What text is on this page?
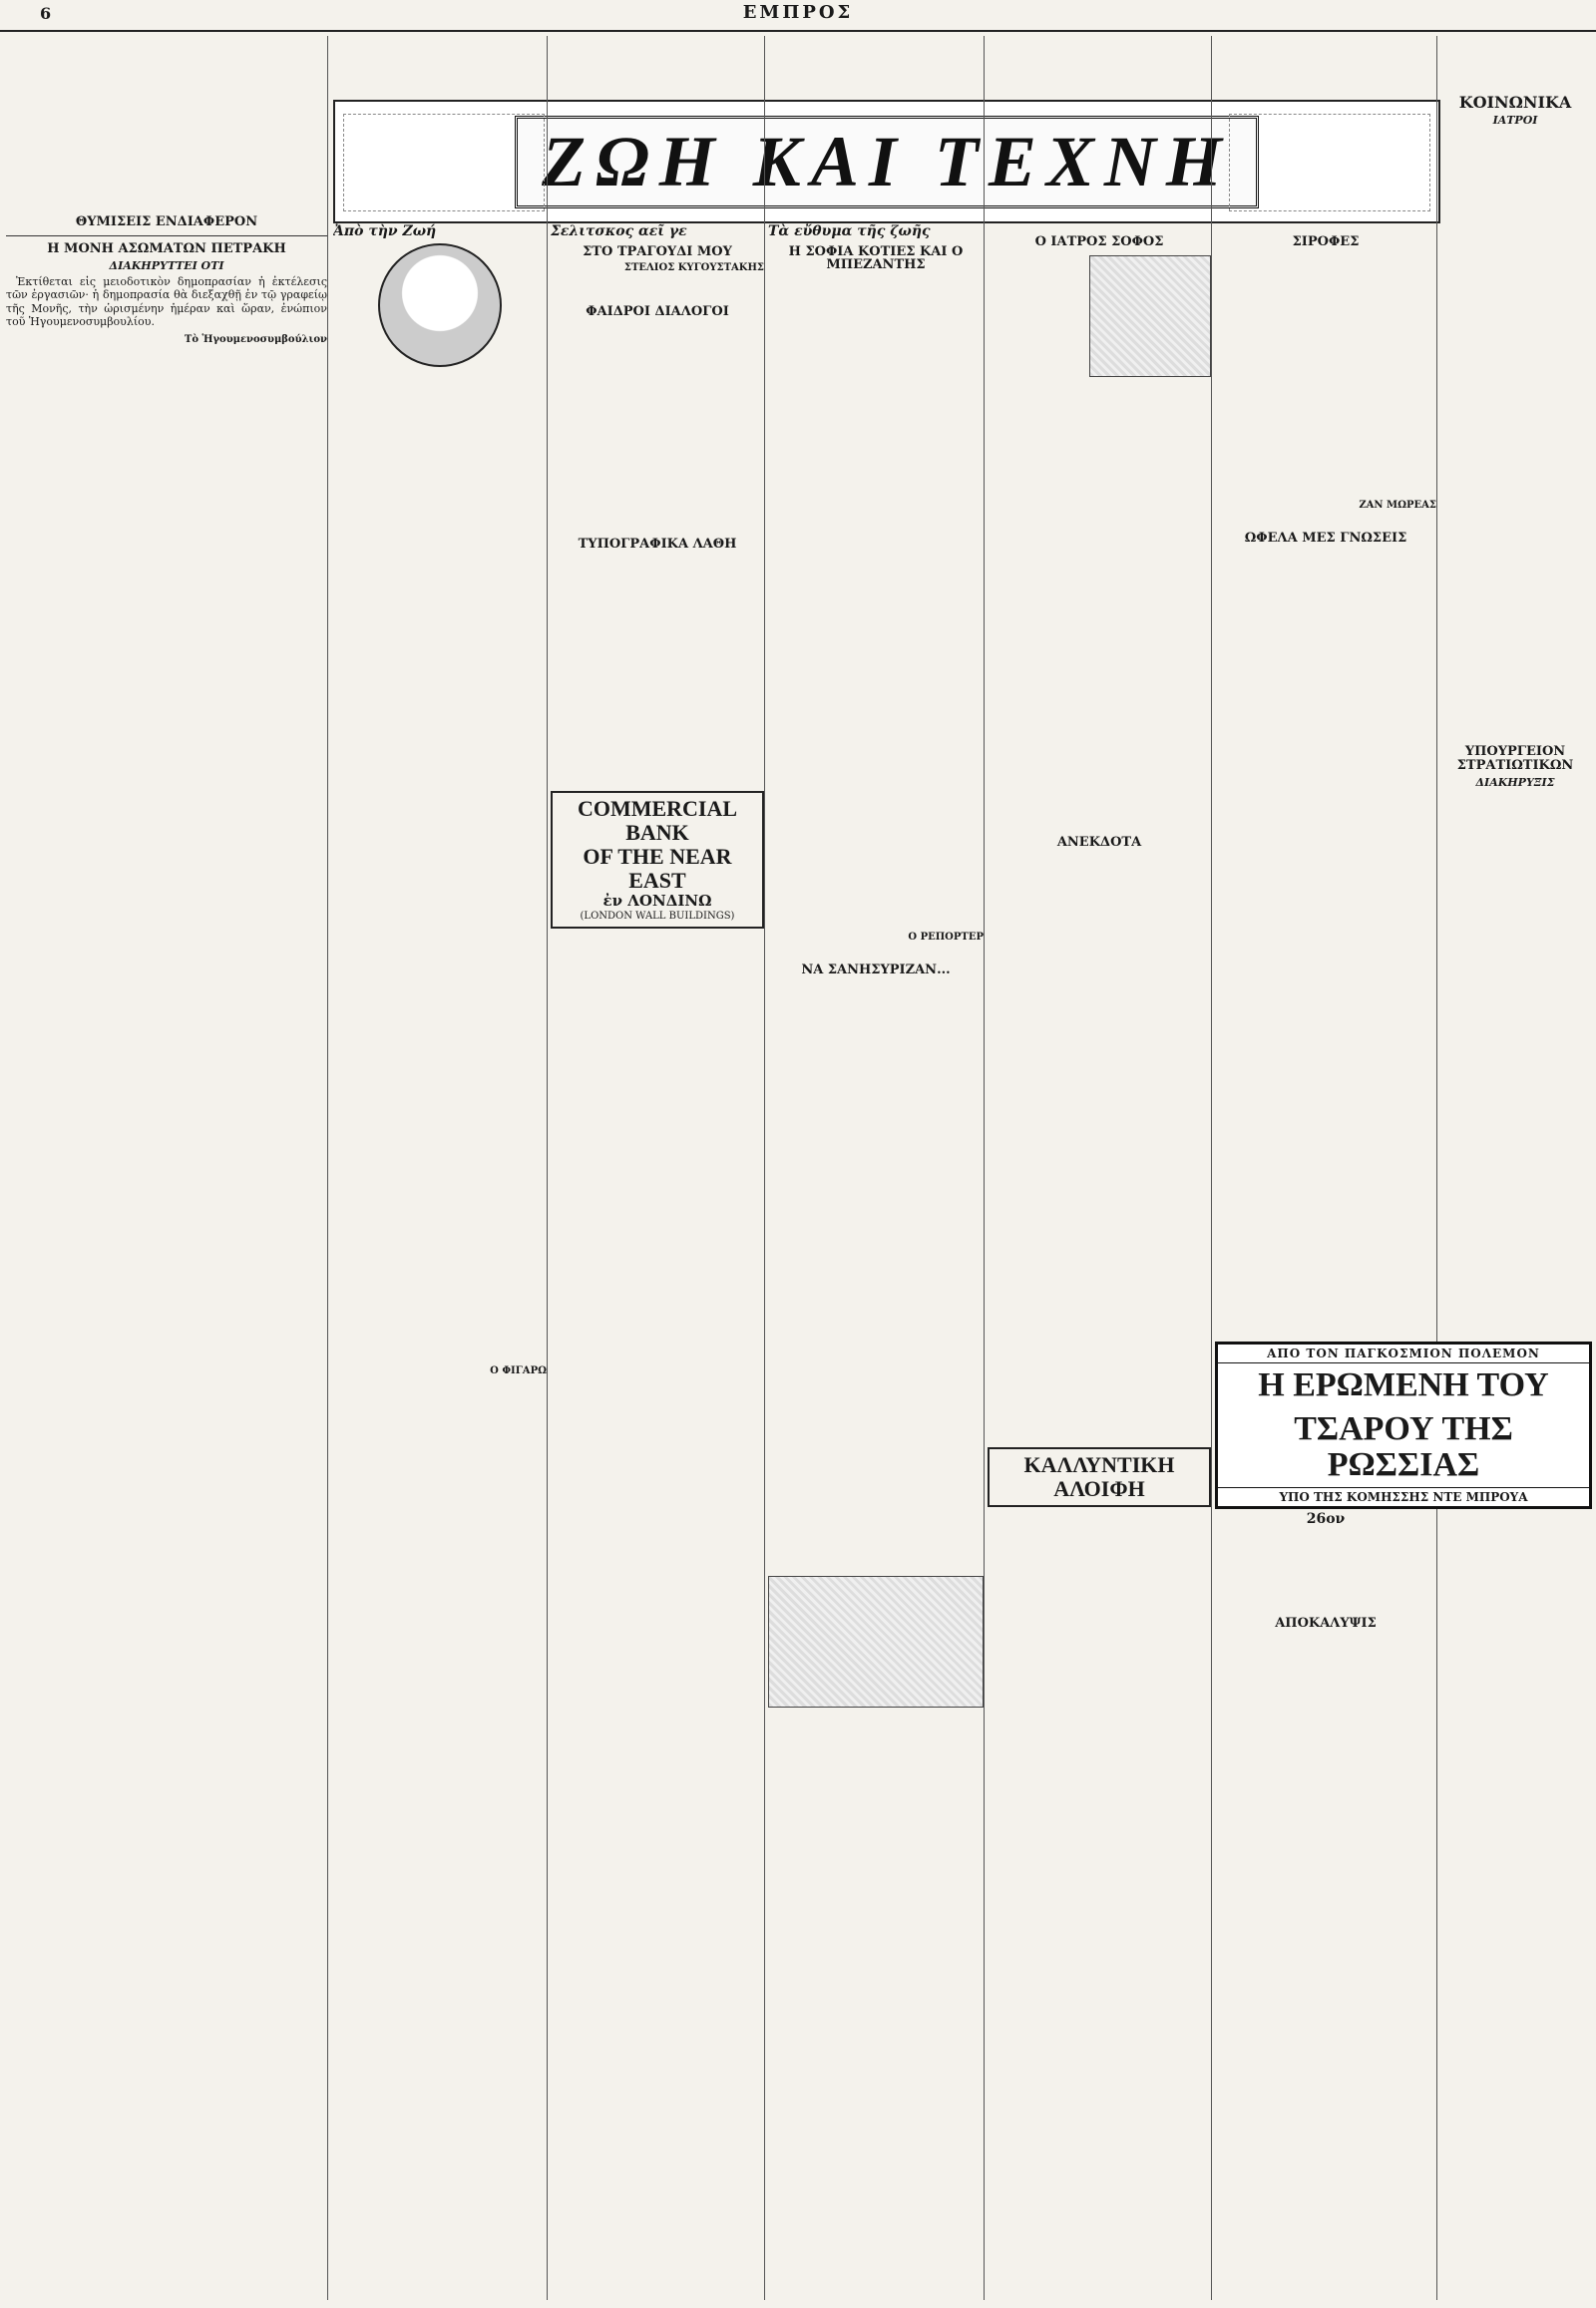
6	ΕΜΠΡΟΣ
ΖΩΗ ΚΑΙ ΤΕΧΝΗ
ΘΥΜΙΣΕΙΣ ΕΝΔΙΑΦΕΡΟΝ
Η ΜΟΝΗ ΑΣΩΜΑΤΩΝ ΠΕΤΡΑΚΗ
ΔΙΑΚΗΡΥΤΤΕΙ ΟΤΙ

Ἐκτίθεται εἰς μειοδοτικὸν δημοπρασίαν ἡ ἐκτέλεσις τῶν ἐργασιῶν· ἡ δημοπρασία θὰ διεξαχθῇ ἐν τῷ γραφείῳ τῆς Μονῆς, τὴν ὡρισμένην ἡμέραν καὶ ὥραν, ἐνώπιον τοῦ Ἡγουμενοσυμβουλίου.

Τὸ Ἡγουμενοσυμβούλιον
Ἀπὸ τὴν Ζωή
Ο ΦΙΓΑΡΩ
Σελιτσκος αεῖ γε
ΣΤΟ ΤΡΑΓΟΥΔΙ ΜΟΥ
ΣΤΕΛΙΟΣ ΚΥΓΟΥΣΤΑΚΗΣ
ΦΑΙΔΡΟΙ ΔΙΑΛΟΓΟΙ
ΤΥΠΟΓΡΑΦΙΚΑ ΛΑΘΗ
COMMERCIAL BANK
OF THE NEAR EAST
ἐν ΛΟΝΔΙΝΩ
(LONDON WALL BUILDINGS)
Τὰ εὔθυμα τῆς ζωῆς
Η ΣΟΦΙΑ ΚΟΤΙΕΣ ΚΑΙ Ο ΜΠΕΖΑΝΤΗΣ
Ο ΡΕΠΟΡΤΕΡ
ΝΑ ΣΑΝΗΣΥΡΙΖΑΝ...
Ο ΙΑΤΡΟΣ ΣΟΦΟΣ
ΑΝΕΚΔΟΤΑ
ΚΑΛΛΥΝΤΙΚΗ
ΑΛΟΙΦΗ
ΣΙΡΟΦΕΣ
ΖΑΝ ΜΩΡΕΑΣ
ΩΦΕΛΑ ΜΕΣ ΓΝΩΣΕΙΣ
ΚΟΙΝΩΝΙΚΑ
ΙΑΤΡΟΙ
ΥΠΟΥΡΓΕΙΟΝ ΣΤΡΑΤΙΩΤΙΚΩΝ
ΔΙΑΚΗΡΥΞΙΣ
ΑΠΟ ΤΟΝ ΠΑΓΚΟΣΜΙΟΝ ΠΟΛΕΜΟΝ
Η ΕΡΩΜΕΝΗ ΤΟΥ
ΤΣΑΡΟΥ ΤΗΣ ΡΩΣΣΙΑΣ
ΥΠΟ ΤΗΣ ΚΟΜΗΣΣΗΣ ΝΤΕ ΜΠΡΟΥΑ
26ον
ΑΠΟΚΑΛΥΨΙΣ
